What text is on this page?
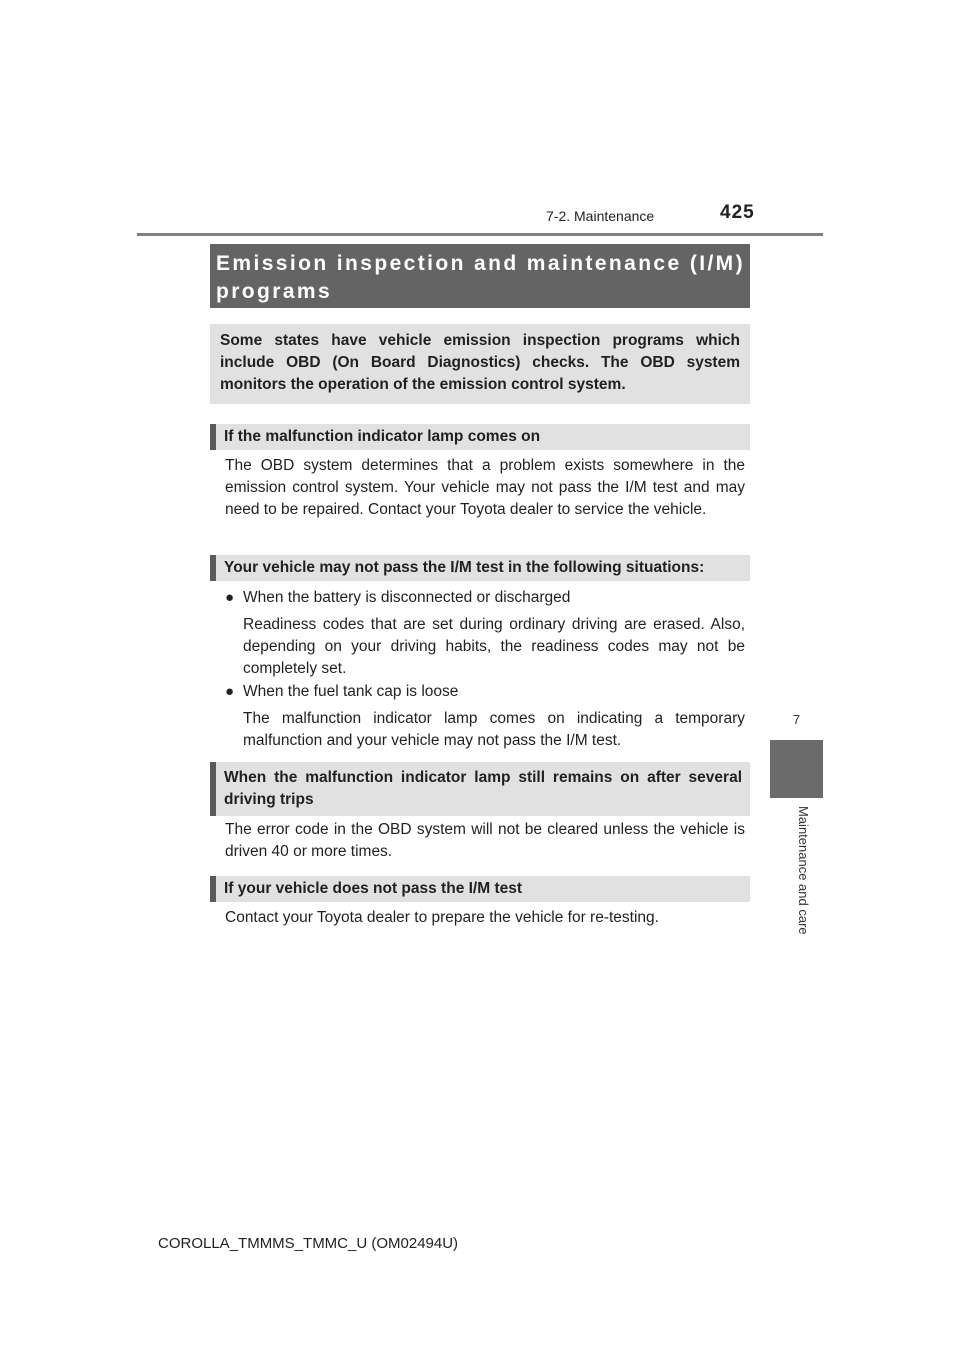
7-2. Maintenance	425
7
Maintenance and care
Emission inspection and maintenance (I/M) programs
Some states have vehicle emission inspection programs which include OBD (On Board Diagnostics) checks. The OBD system monitors the operation of the emission control system.
If the malfunction indicator lamp comes on
The OBD system determines that a problem exists somewhere in the emission control system. Your vehicle may not pass the I/M test and may need to be repaired. Contact your Toyota dealer to service the vehicle.
Your vehicle may not pass the I/M test in the following situations:
● When the battery is disconnected or discharged
Readiness codes that are set during ordinary driving are erased. Also, depending on your driving habits, the readiness codes may not be completely set.
● When the fuel tank cap is loose
The malfunction indicator lamp comes on indicating a temporary malfunction and your vehicle may not pass the I/M test.
When the malfunction indicator lamp still remains on after several driving trips
The error code in the OBD system will not be cleared unless the vehicle is driven 40 or more times.
If your vehicle does not pass the I/M test
Contact your Toyota dealer to prepare the vehicle for re-testing.
COROLLA_TMMMS_TMMC_U (OM02494U)
